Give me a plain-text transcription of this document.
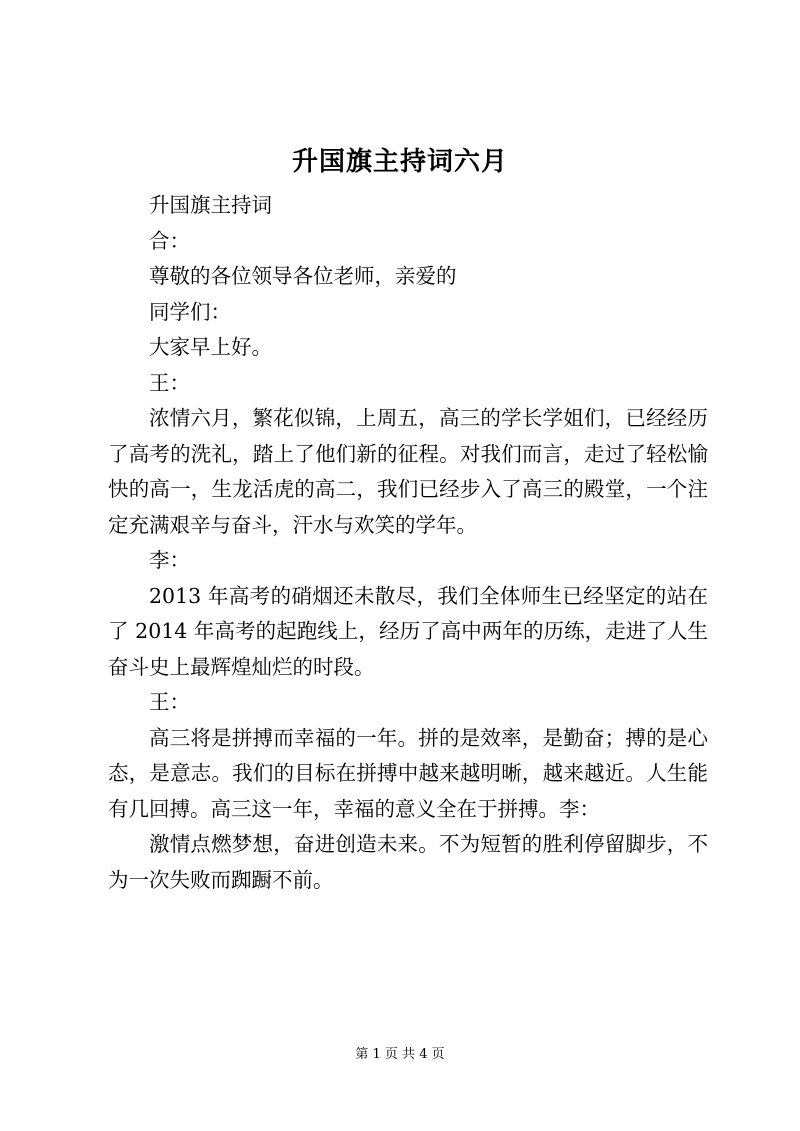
升国旗主持词六月

升国旗主持词

合：

尊敬的各位领导各位老师，亲爱的

同学们：

大家早上好。

王：

浓情六月，繁花似锦，上周五，高三的学长学姐们，已经经历了高考的洗礼，踏上了他们新的征程。对我们而言，走过了轻松愉快的高一，生龙活虎的高二，我们已经步入了高三的殿堂，一个注定充满艰辛与奋斗，汗水与欢笑的学年。

李：

2013 年高考的硝烟还未散尽，我们全体师生已经坚定的站在了 2014 年高考的起跑线上，经历了高中两年的历练，走进了人生奋斗史上最辉煌灿烂的时段。

王：

高三将是拼搏而幸福的一年。拼的是效率，是勤奋；搏的是心态，是意志。我们的目标在拼搏中越来越明晰，越来越近。人生能有几回搏。高三这一年，幸福的意义全在于拼搏。李：

激情点燃梦想，奋进创造未来。不为短暂的胜利停留脚步，不为一次失败而踟蹰不前。

第 1 页 共 4 页
